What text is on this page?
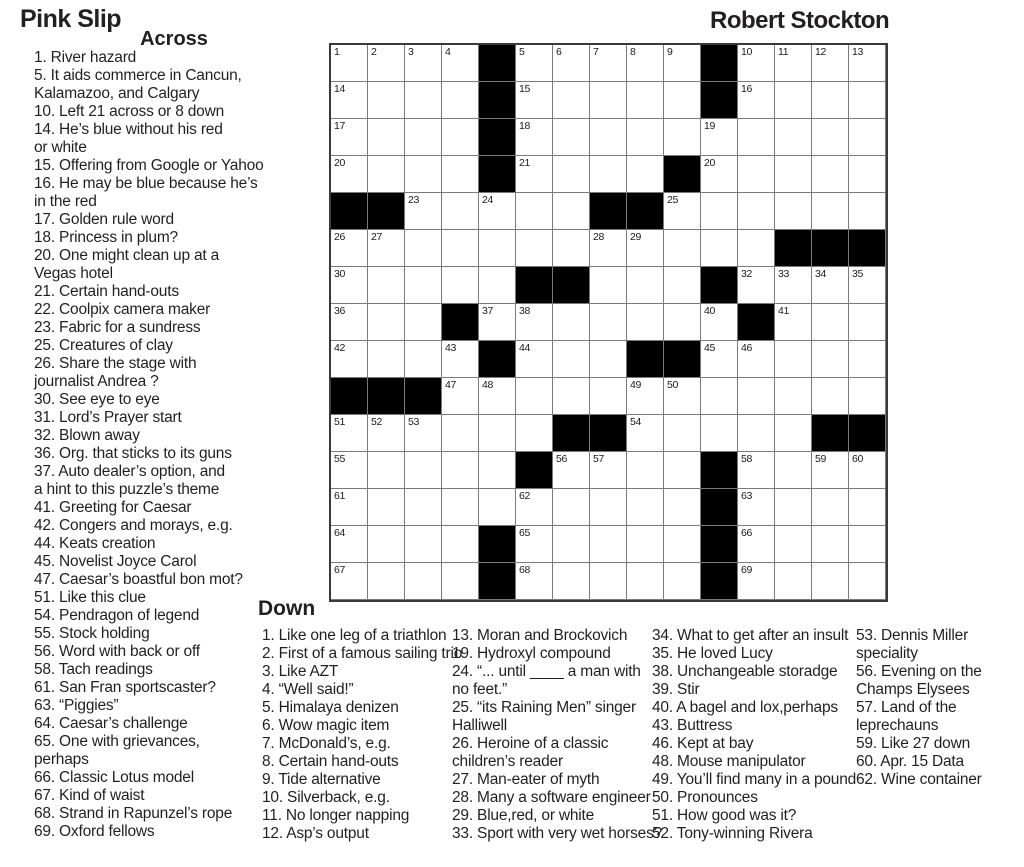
Pink Slip	Robert Stockton
Across
1. River hazard
5. It aids commerce in Cancun,
Kalamazoo, and Calgary
10. Left 21 across or 8 down
14. He’s blue without his red
or white
15. Offering from Google or Yahoo
16. He may be blue because he’s
in the red
17. Golden rule word
18. Princess in plum?
20. One might clean up at a
Vegas hotel
21. Certain hand-outs
22. Coolpix camera maker
23. Fabric for a sundress
25. Creatures of clay
26. Share the stage with
journalist Andrea ?
30. See eye to eye
31. Lord’s Prayer start
32. Blown away
36. Org. that sticks to its guns
37. Auto dealer’s option, and
a hint to this puzzle’s theme
41. Greeting for Caesar
42. Congers and morays, e.g.
44. Keats creation
45. Novelist Joyce Carol
47. Caesar’s boastful bon mot?
51. Like this clue
54. Pendragon of legend
55. Stock holding
56. Word with back or off
58. Tach readings
61. San Fran sportscaster?
63. “Piggies”
64. Caesar’s challenge
65. One with grievances,
perhaps
66. Classic Lotus model
67. Kind of waist
68. Strand in Rapunzel’s rope
69. Oxford fellows
1	2	3	4	5	6	7	8	9	10 11	12 13
14	15	16
17	18	19
20	21	20
23	24	25
26 27	28 29
30	32 33 34 35
36	37 38	40	41
42	43	44	45 46
47 48	49 50
51 52 53	54
55	56 57	58	59 60
61	62	63
64	65	66
67	68	69
Down
1. Like one leg of a triathlon
2. First of a famous sailing trio
3. Like AZT
4. “Well said!”
5. Himalaya denizen
6. Wow magic item
7. McDonald’s, e.g.
8. Certain hand-outs
9. Tide alternative
10. Silverback, e.g.
11. No longer napping
12. Asp’s output
13. Moran and Brockovich
19. Hydroxyl compound
24. “... until ____ a man with
no feet.”
25. “its Raining Men” singer
Halliwell
26. Heroine of a classic
children’s reader
27. Man-eater of myth
28. Many a software engineer
29. Blue,red, or white
33. Sport with very wet horses?
34. What to get after an insult
35. He loved Lucy
38. Unchangeable storadge
39. Stir
40. A bagel and lox,perhaps
43. Buttress
46. Kept at bay
48. Mouse manipulator
49. You’ll find many in a pound
50. Pronounces
51. How good was it?
52. Tony-winning Rivera
53. Dennis Miller
speciality
56. Evening on the
Champs Elysees
57. Land of the
leprechauns
59. Like 27 down
60. Apr. 15 Data
62. Wine container
